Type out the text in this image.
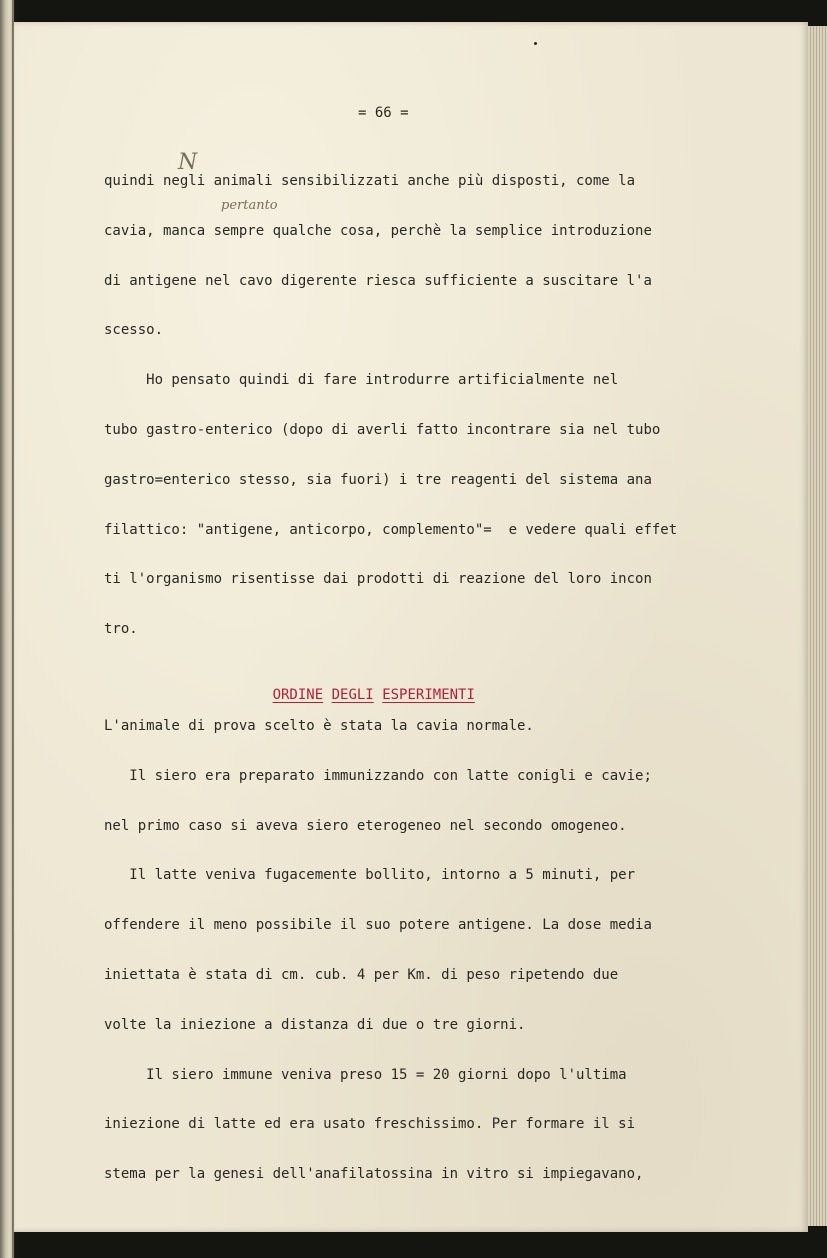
= 66 =
N
pertanto
quindi negli animali sensibilizzati anche più disposti, come la
cavia, manca sempre qualche cosa, perchè la semplice introduzione
di antigene nel cavo digerente riesca sufficiente a suscitare l'a
scesso.
Ho pensato quindi di fare introdurre artificialmente nel
tubo gastro-enterico (dopo di averli fatto incontrare sia nel tubo
gastro=enterico stesso, sia fuori) i tre reagenti del sistema ana
filattico: "antigene, anticorpo, complemento"=  e vedere quali effet
ti l'organismo risentisse dai prodotti di reazione del loro incon
tro.

ORDINE DEGLI ESPERIMENTI

L'animale di prova scelto è stata la cavia normale.
Il siero era preparato immunizzando con latte conigli e cavie;
nel primo caso si aveva siero eterogeneo nel secondo omogeneo.
Il latte veniva fugacemente bollito, intorno a 5 minuti, per
offendere il meno possibile il suo potere antigene. La dose media
iniettata è stata di cm. cub. 4 per Km. di peso ripetendo due
volte la iniezione a distanza di due o tre giorni.
Il siero immune veniva preso 15 = 20 giorni dopo l'ultima
iniezione di latte ed era usato freschissimo. Per formare il si
stema per la genesi dell'anafilatossina in vitro si impiegavano,
